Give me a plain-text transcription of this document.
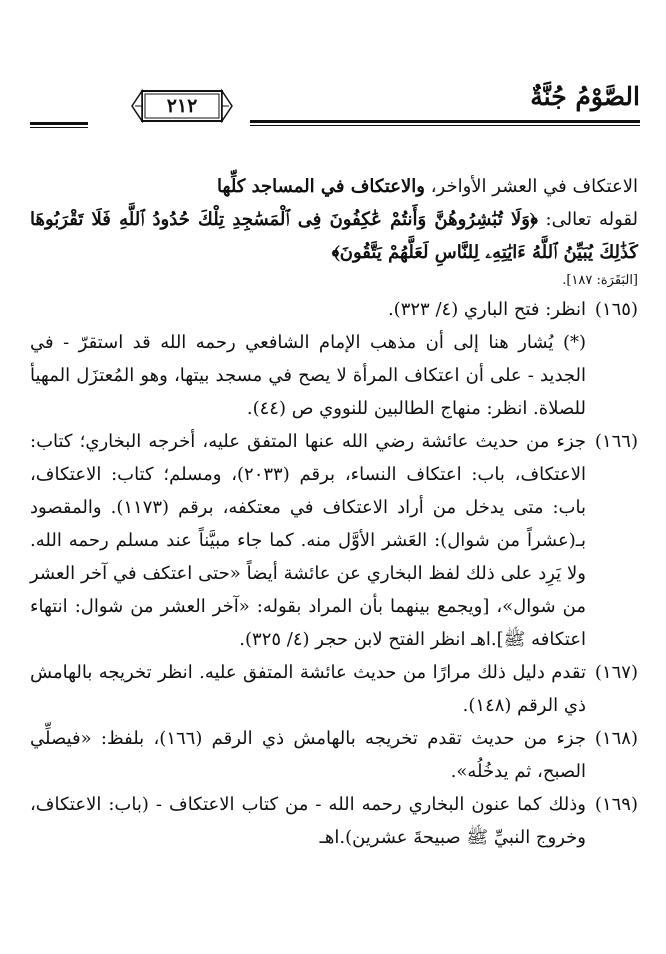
الصَّوْمُ جُنَّةٌ
٢١٢

الاعتكاف في العشر الأواخر، والاعتكاف في المساجد كلِّها
لقوله تعالى: ﴿وَلَا تُبَٰشِرُوهُنَّ وَأَنتُمْ عَٰكِفُونَ فِى ٱلْمَسَٰجِدِ تِلْكَ حُدُودُ ٱللَّهِ فَلَا تَقْرَبُوهَا كَذَٰلِكَ يُبَيِّنُ ٱللَّهُ ءَايَٰتِهِۦ لِلنَّاسِ لَعَلَّهُمْ يَتَّقُونَ﴾

[البَقَرَة: ١٨٧].

(١٦٥)
انظر: فتح الباري (٤/ ٣٢٣).
(*) يُشار هنا إلى أن مذهب الإمام الشافعي رحمه الله قد استقرّ - في الجديد - على أن اعتكاف المرأة لا يصح في مسجد بيتها، وهو المُعتزَل المهيأ للصلاة. انظر: منهاج الطالبين للنووي ص (٤٤).
(١٦٦)
جزء من حديث عائشة رضي الله عنها المتفق عليه، أخرجه البخاري؛ كتاب: الاعتكاف، باب: اعتكاف النساء، برقم (٢٠٣٣)، ومسلم؛ كتاب: الاعتكاف، باب: متى يدخل من أراد الاعتكاف في معتكفه، برقم (١١٧٣). والمقصود بـ(عشراً من شوال): العَشر الأوَّل منه. كما جاء مبيَّناً عند مسلم رحمه الله. ولا يَرِد على ذلك لفظ البخاري عن عائشة أيضاً «حتى اعتكف في آخر العشر من شوال»، [ويجمع بينهما بأن المراد بقوله: «آخر العشر من شوال: انتهاء اعتكافه ﷺ].اهـ انظر الفتح لابن حجر (٤/ ٣٢٥).
(١٦٧)
تقدم دليل ذلك مرارًا من حديث عائشة المتفق عليه. انظر تخريجه بالهامش ذي الرقم (١٤٨).
(١٦٨)
جزء من حديث تقدم تخريجه بالهامش ذي الرقم (١٦٦)، بلفظ: «فيصلِّي الصبح، ثم يدخُلُه».
(١٦٩)
وذلك كما عنون البخاري رحمه الله - من كتاب الاعتكاف - (باب: الاعتكاف، وخروج النبيِّ ﷺ صبيحةَ عشرين).اهـ
